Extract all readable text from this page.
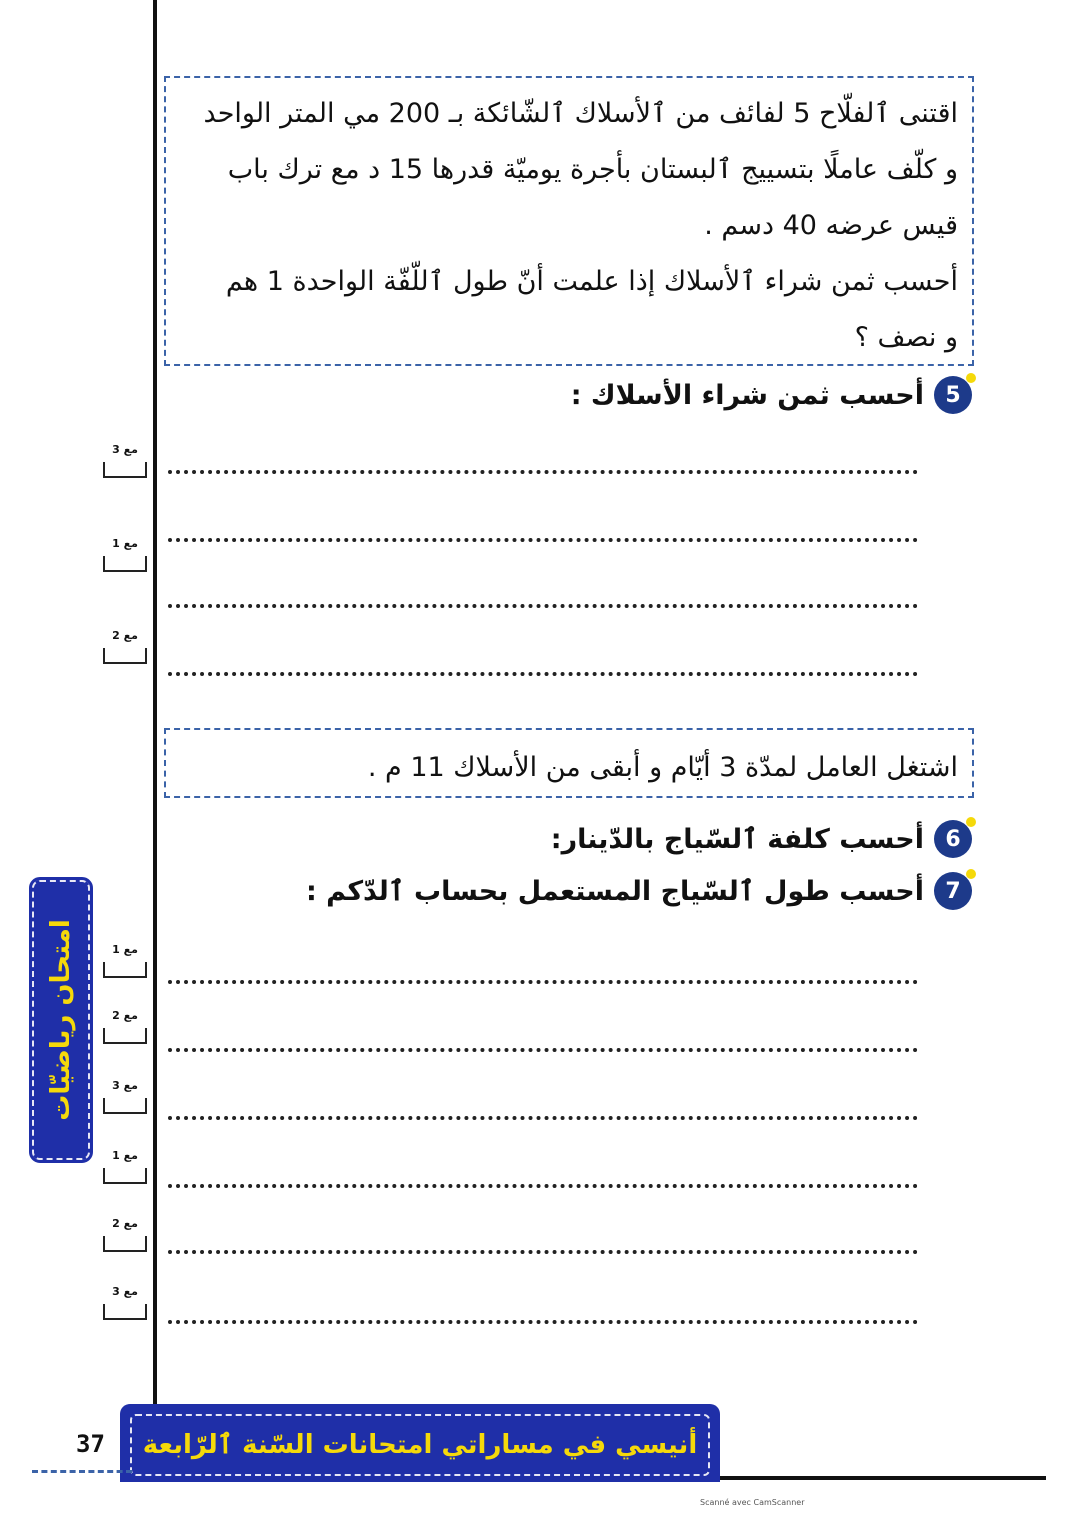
اقتنى ٱلفلّاح 5 لفائف من ٱلأسلاك ٱلشّائكة بـ 200 مي المتر الواحد
و كلّف عاملًا بتسييج ٱلبستان بأجرة يوميّة قدرها 15 د مع ترك باب
قيس عرضه 40 دسم .
أحسب ثمن شراء ٱلأسلاك إذا علمت أنّ طول ٱللّفّة الواحدة 1 هم
و نصف ؟
5
أحسب ثمن شراء الأسلاك :
مع 3
مع 1
مع 2
اشتغل العامل لمدّة 3 أيّام و أبقى من الأسلاك 11 م .
6
أحسب كلفة ٱلسّياج بالدّينار:
7
أحسب طول ٱلسّياج المستعمل بحساب ٱلدّكم :
مع 1
مع 2
مع 3
مع 1
مع 2
مع 3
امتحان رياضيّات
أنيسي في مساراتي امتحانات السّنة ٱلرّابعة
37
Scanné avec CamScanner
